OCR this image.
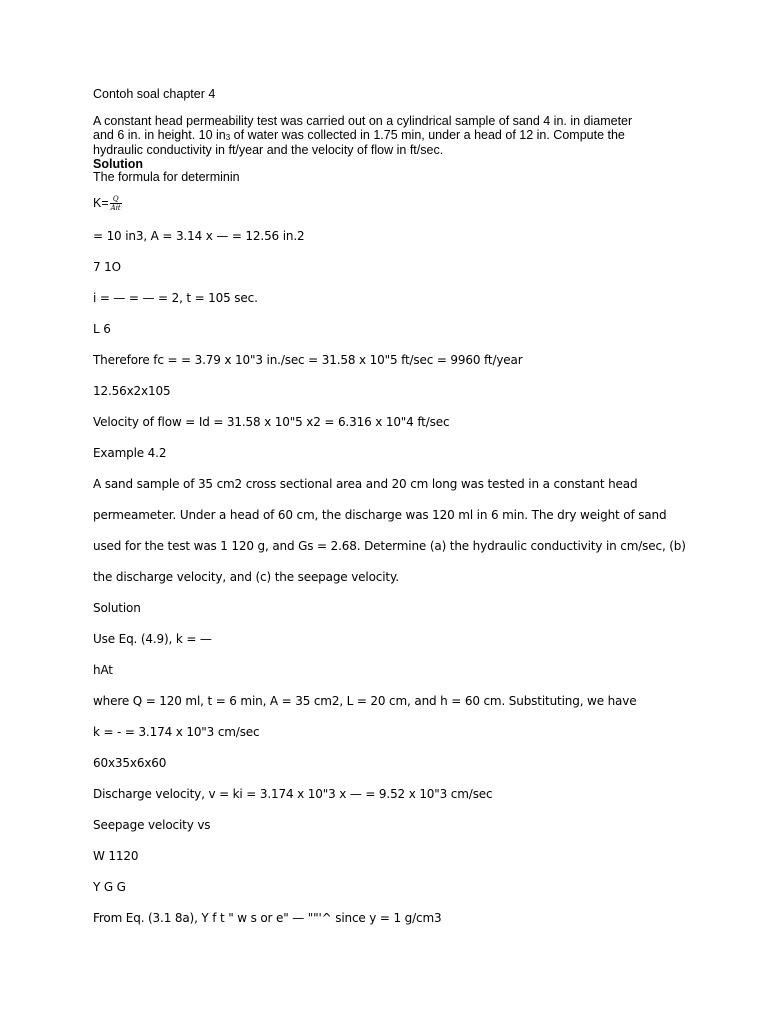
Contoh soal chapter 4
A constant head permeability test was carried out on a cylindrical sample of sand 4 in. in diameter
and 6 in. in height. 10 in3 of water was collected in 1.75 min, under a head of 12 in. Compute the
hydraulic conductivity in ft/year and the velocity of flow in ft/sec.
Solution
The formula for determinin
$K= \frac{Q}{\text{Ait}}$
= 10 in3, A = 3.14 x — = 12.56 in.2
7 1O
i = — = — = 2, t = 105 sec.
L 6
Therefore fc = = 3.79 x 10"3 in./sec = 31.58 x 10"5 ft/sec = 9960 ft/year
12.56x2x105
Velocity of flow = Id = 31.58 x 10"5 x2 = 6.316 x 10"4 ft/sec
Example 4.2
A sand sample of 35 cm2 cross sectional area and 20 cm long was tested in a constant head
permeameter. Under a head of 60 cm, the discharge was 120 ml in 6 min. The dry weight of sand
used for the test was 1 120 g, and Gs = 2.68. Determine (a) the hydraulic conductivity in cm/sec, (b)
the discharge velocity, and (c) the seepage velocity.
Solution
Use Eq. (4.9), k = —
hAt
where Q = 120 ml, t = 6 min, A = 35 cm2, L = 20 cm, and h = 60 cm. Substituting, we have
k = - = 3.174 x 10"3 cm/sec
60x35x6x60
Discharge velocity, v = ki = 3.174 x 10"3 x — = 9.52 x 10"3 cm/sec
Seepage velocity vs
W 1120
Y G G
From Eq. (3.1 8a), Y f t " w s or e" — ""'^ since y = 1 g/cm3
